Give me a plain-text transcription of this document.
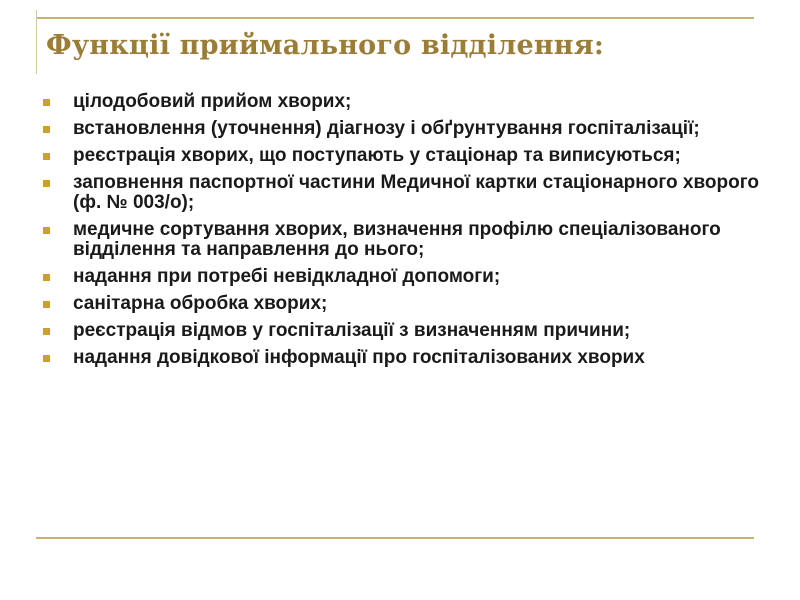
Функції приймального відділення:
цілодобовий прийом хворих;
встановлення (уточнення) діагнозу і обґрунтування госпіталізації;
реєстрація хворих, що поступають у стаціонар та виписуються;
заповнення паспортної частини Медичної картки стаціонарного хворого (ф. № 003/о);
медичне сортування хворих, визначення профілю спеціалізованого відділення та направлення до нього;
надання при потребі невідкладної допомоги;
санітарна обробка хворих;
реєстрація відмов у госпіталізації з визначенням причини;
надання довідкової інформації про госпіталізованих хворих
